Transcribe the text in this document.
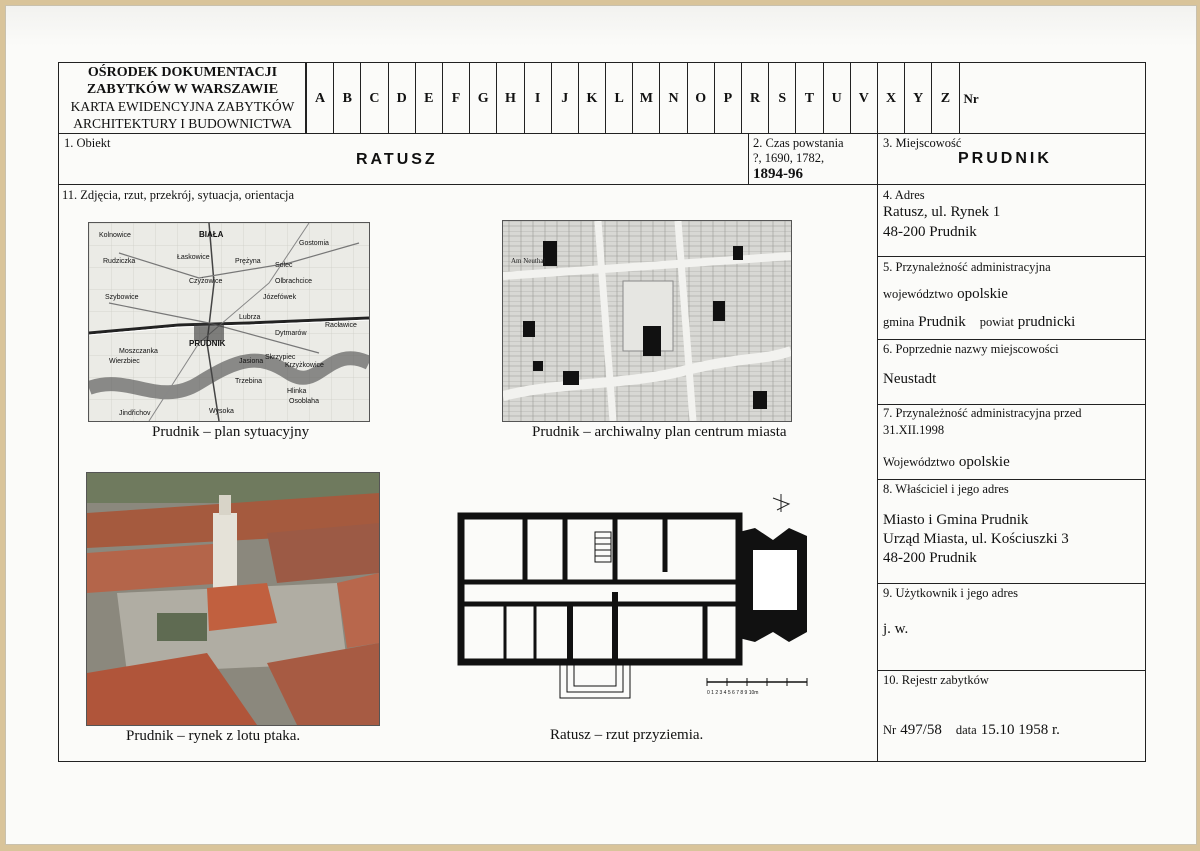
OŚRODEK DOKUMENTACJI
ZABYTKÓW W WARSZAWIE
KARTA EWIDENCYJNA ZABYTKÓW
ARCHITEKTURY I BUDOWNICTWA
A	B	C	D	E	F	G	H	I	J	K	L	M	N	O	P	R	S	T	U	V	X	Y	Z	Nr
1. Obiekt
RATUSZ
2. Czas powstania
?, 1690, 1782,
1894-96
3. Miejscowość
PRUDNIK
11. Zdjęcia, rzut, przekrój, sytuacja, orientacja	4. Adres
Ratusz, ul. Rynek 1
48-200 Prudnik
5. Przynależność administracyjna
województwo opolskie
gmina Prudnik powiat prudnicki
6. Poprzednie nazwy miejscowości
Neustadt
7. Przynależność administracyjna przed
31.XII.1998
Województwo opolskie
8. Właściciel i jego adres
Miasto i Gmina Prudnik
Urząd Miasta, ul. Kościuszki 3
48-200 Prudnik
9. Użytkownik i jego adres
j. w.
10. Rejestr zabytków
Nr 497/58 data 15.10 1958 r.
Kolnowice	BIAŁA
Gostomia
Rudziczka
Łaskowice
Prężyna
Solec
Czyżowice	Olbrachcice
Szybowice	Józefówek
PRUDNIK
Lubrza
Dytmarów
Moszczanka
Wierzbiec	Jasiona
Skrzypiec
Krzyżkowice
Trzebina
Racławice
Jindřichov
Hlinka
Osoblaha
Wysoka
Prudnik – plan sytuacyjny
Am Neuthal
Prudnik – archiwalny plan centrum miasta
Prudnik – rynek z lotu ptaka.
0 1 2 3 4 5 6 7 8 9 10m
Ratusz – rzut przyziemia.
